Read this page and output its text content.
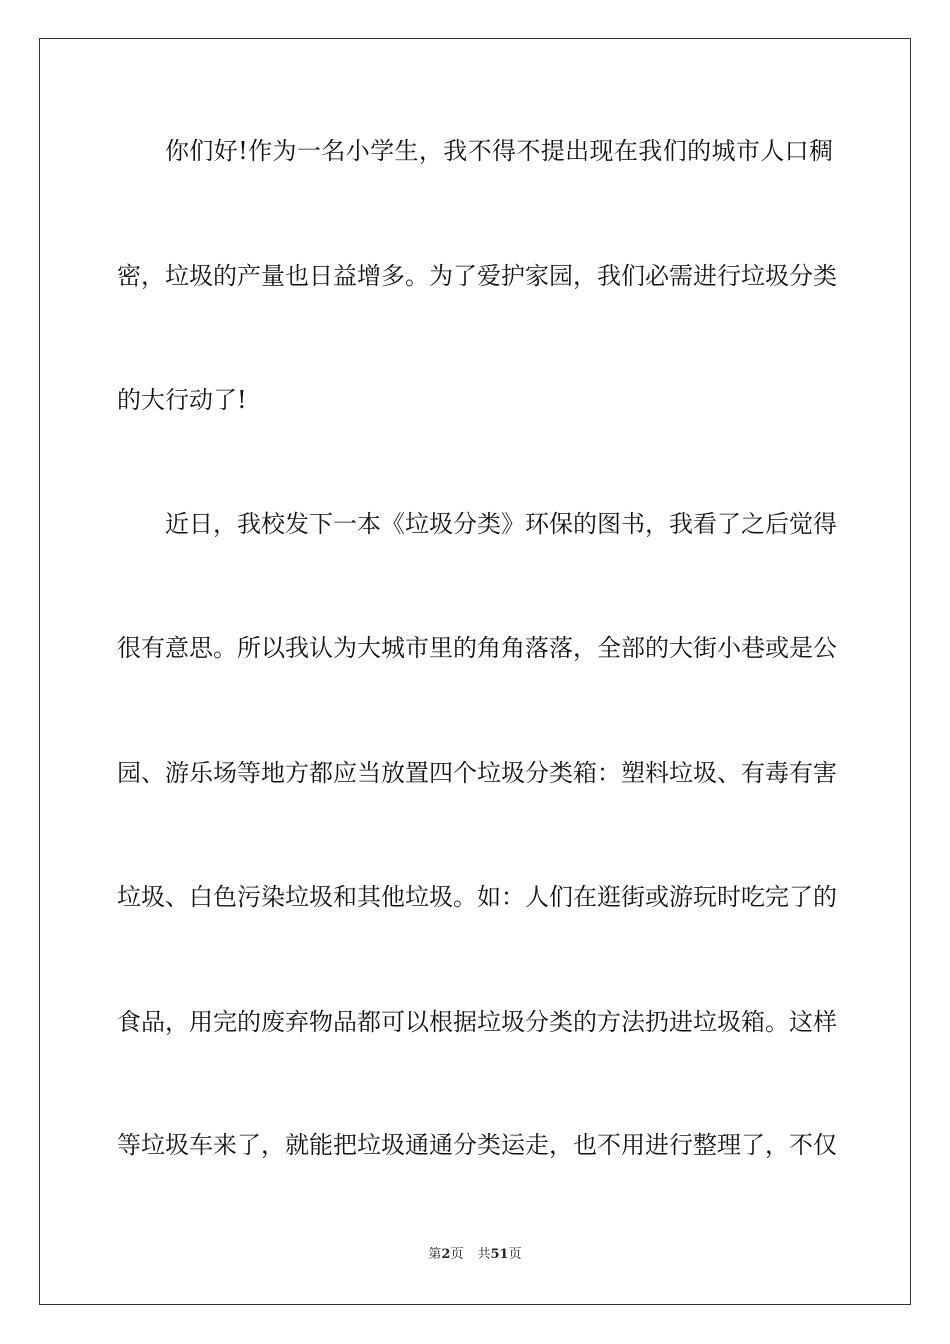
你们好!作为一名小学生，我不得不提出现在我们的城市人口稠
密，垃圾的产量也日益增多。为了爱护家园，我们必需进行垃圾分类
的大行动了!
近日，我校发下一本《垃圾分类》环保的图书，我看了之后觉得
很有意思。所以我认为大城市里的角角落落，全部的大街小巷或是公
园、游乐场等地方都应当放置四个垃圾分类箱：塑料垃圾、有毒有害
垃圾、白色污染垃圾和其他垃圾。如：人们在逛街或游玩时吃完了的
食品，用完的废弃物品都可以根据垃圾分类的方法扔进垃圾箱。这样
等垃圾车来了，就能把垃圾通通分类运走，也不用进行整理了，不仅
第2页 共51页
